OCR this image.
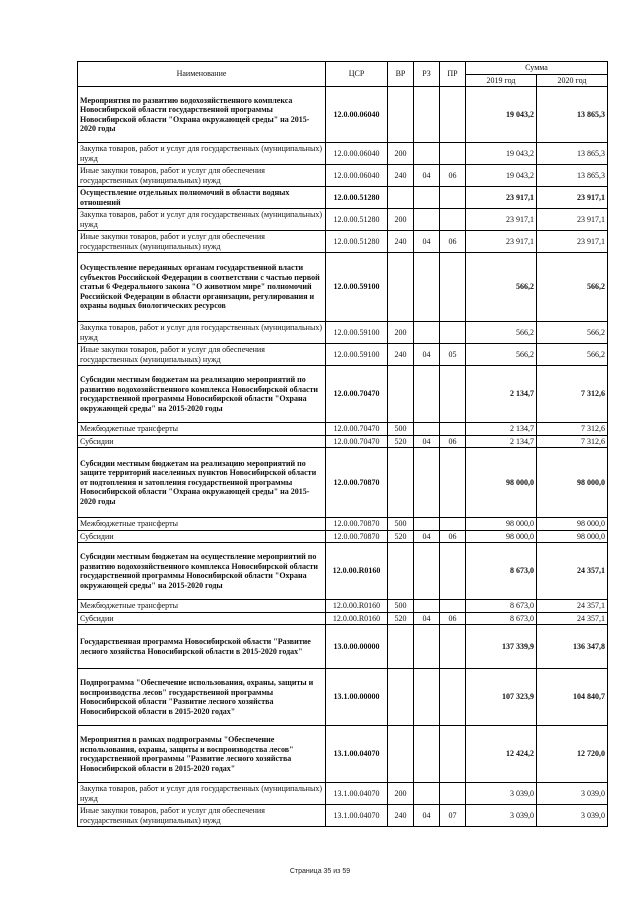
Наименование	ЦСР	ВР	РЗ	ПР	Сумма	
					2019 год	2020 год
Мероприятия по развитию водохозяйственного комплекса Новосибирской области государственной программы Новосибирской области "Охрана окружающей среды" на 2015-2020 годы	12.0.00.06040				19 043,2	13 865,3
Закупка товаров, работ и услуг для государственных (муниципальных) нужд	12.0.00.06040	200			19 043,2	13 865,3
Иные закупки товаров, работ и услуг для обеспечения государственных (муниципальных) нужд	12.0.00.06040	240	04	06	19 043,2	13 865,3
Осуществление отдельных полномочий в области водных отношений	12.0.00.51280				23 917,1	23 917,1
Закупка товаров, работ и услуг для государственных (муниципальных) нужд	12.0.00.51280	200			23 917,1	23 917,1
Иные закупки товаров, работ и услуг для обеспечения государственных (муниципальных) нужд	12.0.00.51280	240	04	06	23 917,1	23 917,1
Осуществление переданных органам государственной власти субъектов Российской Федерации в соответствии с частью первой статьи 6 Федерального закона "О животном мире" полномочий Российской Федерации в области организации, регулирования и охраны водных биологических ресурсов	12.0.00.59100				566,2	566,2
Закупка товаров, работ и услуг для государственных (муниципальных) нужд	12.0.00.59100	200			566,2	566,2
Иные закупки товаров, работ и услуг для обеспечения государственных (муниципальных) нужд	12.0.00.59100	240	04	05	566,2	566,2
Субсидии местным бюджетам на реализацию мероприятий по развитию водохозяйственного комплекса Новосибирской области государственной программы Новосибирской области "Охрана окружающей среды" на 2015-2020 годы	12.0.00.70470				2 134,7	7 312,6
Межбюджетные трансферты	12.0.00.70470	500			2 134,7	7 312,6
Субсидии	12.0.00.70470	520	04	06	2 134,7	7 312,6
Субсидии местным бюджетам на реализацию мероприятий по защите территорий населенных пунктов Новосибирской области от подтопления и затопления государственной программы Новосибирской области "Охрана окружающей среды" на 2015-2020 годы	12.0.00.70870				98 000,0	98 000,0
Межбюджетные трансферты	12.0.00.70870	500			98 000,0	98 000,0
Субсидии	12.0.00.70870	520	04	06	98 000,0	98 000,0
Субсидии местным бюджетам на осуществление мероприятий по развитию водохозяйственного комплекса Новосибирской области государственной программы Новосибирской области "Охрана окружающей среды" на 2015-2020 годы	12.0.00.R0160				8 673,0	24 357,1
Межбюджетные трансферты	12.0.00.R0160	500			8 673,0	24 357,1
Субсидии	12.0.00.R0160	520	04	06	8 673,0	24 357,1
Государственная программа Новосибирской области "Развитие лесного хозяйства Новосибирской области в 2015-2020 годах"	13.0.00.00000				137 339,9	136 347,8
Подпрограмма "Обеспечение использования, охраны, защиты и воспроизводства лесов" государственной программы Новосибирской области "Развитие лесного хозяйства Новосибирской области в 2015-2020 годах"	13.1.00.00000				107 323,9	104 840,7
Мероприятия в рамках подпрограммы "Обеспечение использования, охраны, защиты и воспроизводства лесов" государственной программы "Развитие лесного хозяйства Новосибирской области в 2015-2020 годах"	13.1.00.04070				12 424,2	12 720,0
Закупка товаров, работ и услуг для государственных (муниципальных) нужд	13.1.00.04070	200			3 039,0	3 039,0
Иные закупки товаров, работ и услуг для обеспечения государственных (муниципальных) нужд	13.1.00.04070	240	04	07	3 039,0	3 039,0
Страница 35 из 59
